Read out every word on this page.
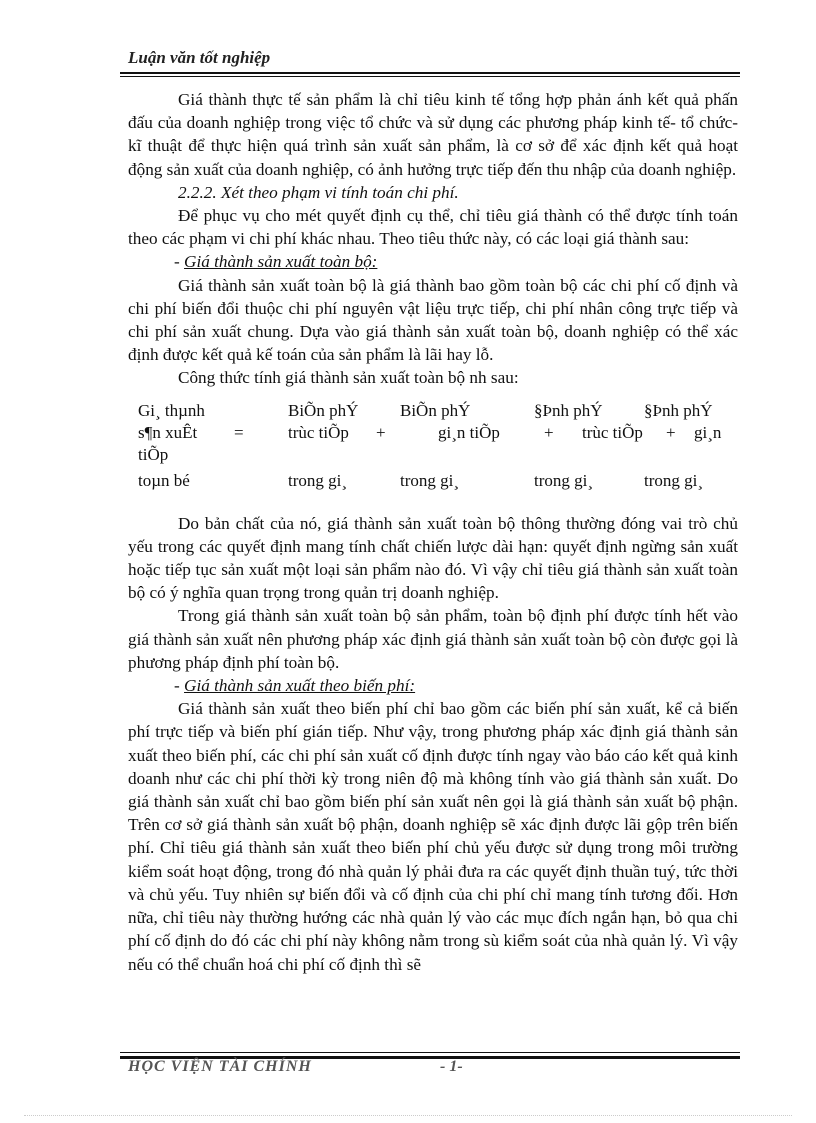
Luận văn tốt nghiệp

Giá thành thực tế sản phẩm là chỉ tiêu kinh tế tổng hợp phản ánh kết quả phấn đấu của doanh nghiệp trong việc tổ chức và sử dụng các phương pháp kinh tế- tổ chức- kĩ thuật để thực hiện quá trình sản xuất sản phẩm, là cơ sở để xác định kết quả hoạt động sản xuất của doanh nghiệp, có ảnh hưởng trực tiếp đến thu nhập của doanh nghiệp.

2.2.2. Xét theo phạm vi tính toán chi phí.

Để phục vụ cho mét quyết định cụ thể, chỉ tiêu giá thành có thể được tính toán theo các phạm vi chi phí khác nhau. Theo tiêu thức này, có các loại giá thành sau:

- Giá thành sản xuất toàn bộ:

Giá thành sản xuất toàn bộ là giá thành bao gồm toàn bộ các chi phí cố định và chi phí biến đổi thuộc chi phí nguyên vật liệu trực tiếp, chi phí nhân công trực tiếp và chi phí sản xuất chung. Dựa vào giá thành sản xuất toàn bộ, doanh nghiệp có thể xác định được kết quả kế toán của sản phẩm là lãi hay lỗ.

Công thức tính giá thành sản xuất toàn bộ nh sau:

Gi¸ thµnh
s¶n xuÊt
tiÕp
toµn bé
=
BiÕn phÝ
trùc tiÕp
trong gi¸
+
BiÕn phÝ
gi¸n tiÕp
trong gi¸
+
§Þnh phÝ
trùc tiÕp
trong gi¸
+
§Þnh phÝ
gi¸n
trong gi¸

Do bản chất của nó, giá thành sản xuất toàn bộ thông thường đóng vai trò chủ yếu trong các quyết định mang tính chất chiến lược dài hạn: quyết định ngừng sản xuất hoặc tiếp tục sản xuất một loại sản phẩm nào đó. Vì vậy chỉ tiêu giá thành sản xuất toàn bộ có ý nghĩa quan trọng trong quản trị doanh nghiệp.

Trong giá thành sản xuất toàn bộ sản phẩm, toàn bộ định phí được tính hết vào giá thành sản xuất nên phương pháp xác định giá thành sản xuất toàn bộ còn được gọi là phương pháp định phí toàn bộ.

- Giá thành sản xuất theo biến phí:

Giá thành sản xuất theo biến phí chỉ bao gồm các biến phí sản xuất, kể cả biến phí trực tiếp và biến phí gián tiếp. Như vậy, trong phương pháp xác định giá thành sản xuất theo biến phí, các chi phí sản xuất cố định được tính ngay vào báo cáo kết quả kinh doanh như các chi phí thời kỳ trong niên độ mà không tính vào giá thành sản xuất. Do giá thành sản xuất chỉ bao gồm biến phí sản xuất nên gọi là giá thành sản xuất bộ phận. Trên cơ sở giá thành sản xuất bộ phận, doanh nghiệp sẽ xác định được lãi gộp trên biến phí. Chỉ tiêu giá thành sản xuất theo biến phí chủ yếu được sử dụng trong môi trường kiểm soát hoạt động, trong đó nhà quản lý phải đưa ra các quyết định thuần tuý, tức thời và chủ yếu. Tuy nhiên sự biến đổi và cố định của chi phí chỉ mang tính tương đối. Hơn nữa, chỉ tiêu này thường hướng các nhà quản lý vào các mục đích ngắn hạn, bỏ qua chi phí cố định do đó các chi phí này không nằm trong sù kiểm soát của nhà quản lý. Vì vậy nếu có thể chuẩn hoá chi phí cố định thì sẽ

HỌC VIỆN TÀI CHÍNH	- 1-
